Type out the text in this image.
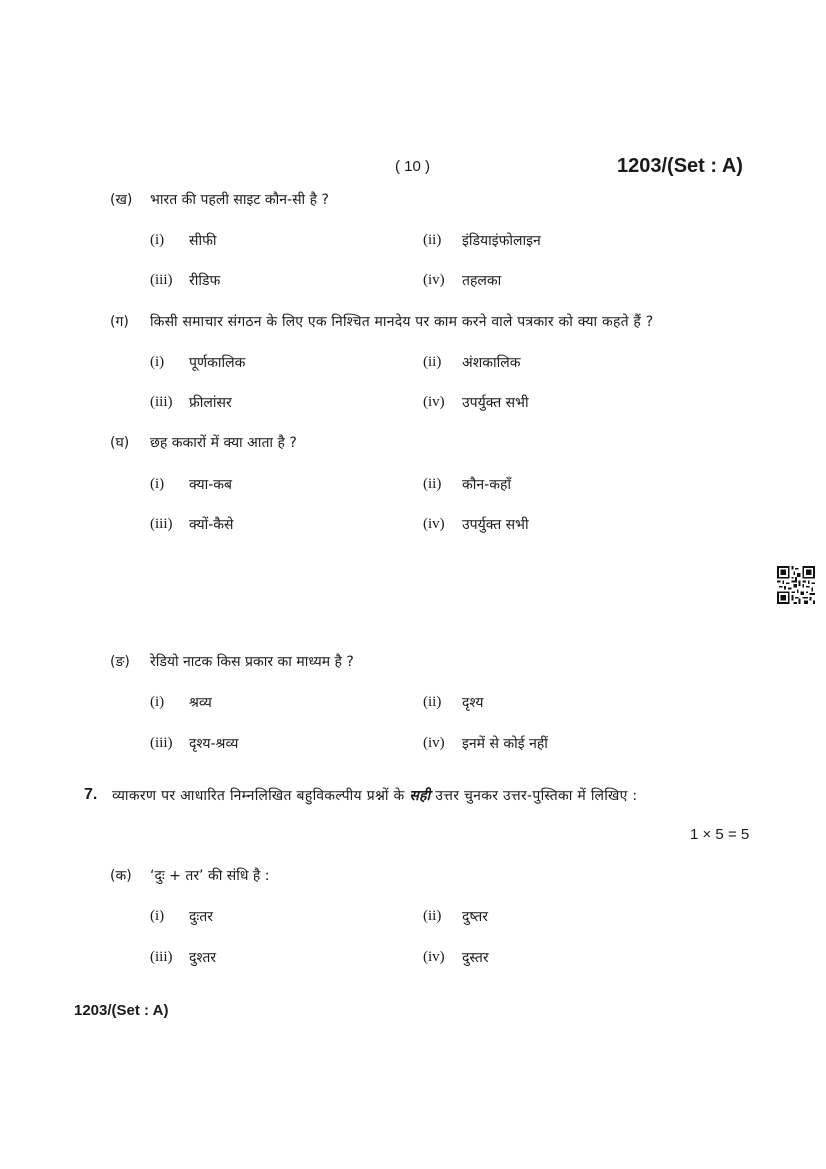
( 10 )	1203/(Set : A)
(ख) भारत की पहली साइट कौन-सी है ?
(i) सीफी	(ii) इंडियाइंफोलाइन
(iii) रीडिफ	(iv) तहलका
(ग) किसी समाचार संगठन के लिए एक निश्चित मानदेय पर काम करने वाले पत्रकार को क्या कहते हैं ?
(i) पूर्णकालिक	(ii) अंशकालिक
(iii) फ्रीलांसर	(iv) उपर्युक्त सभी
(घ) छह ककारों में क्या आता है ?
(i) क्या-कब	(ii) कौन-कहाँ
(iii) क्यों-कैसे	(iv) उपर्युक्त सभी
(ङ) रेडियो नाटक किस प्रकार का माध्यम है ?
(i) श्रव्य	(ii) दृश्य
(iii) दृश्य-श्रव्य	(iv) इनमें से कोई नहीं
7. व्याकरण पर आधारित निम्नलिखित बहुविकल्पीय प्रश्नों के सही उत्तर चुनकर उत्तर-पुस्तिका में लिखिए :
1 × 5 = 5
(क) ‘दुः + तर’ की संधि है :
(i) दुःतर	(ii) दुष्तर
(iii) दुश्तर	(iv) दुस्तर
1203/(Set : A)
